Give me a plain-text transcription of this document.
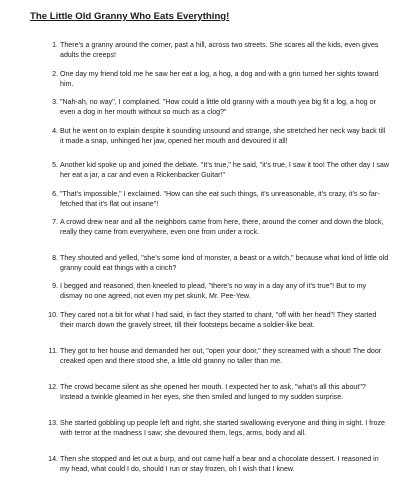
The Little Old Granny Who Eats Everything!
1. There’s a granny around the corner, past a hill, across two streets. She scares all the kids, even gives adults the creeps!
2. One day my friend told me he saw her eat a log, a hog, a dog and with a grin turned her sights toward him.
3. "Nah-ah, no way", I complained. "How could a little old granny with a mouth yea big fit a log, a hog or even a dog in her mouth without so much as a clog?"
4. But he went on to explain despite it sounding unsound and strange, she stretched her neck way back till it made a snap, unhinged her jaw, opened her mouth and devoured it all!
5. Another kid spoke up and joined the debate. "It’s true," he said, "it’s true, I saw it too! The other day I saw her eat a jar, a car and even a Rickenbacker Guitar!"
6. "That’s impossible," I exclaimed. "How can she eat such things, it’s unreasonable, it’s crazy, it’s so far-fetched that it’s flat out insane"!
7. A crowd drew near and all the neighbors came from here, there, around the corner and down the block, really they came from everywhere, even one from under a rock.
8. They shouted and yelled, "she’s some kind of monster, a beast or a witch," because what kind of little old granny could eat things with a cinch?
9. I begged and reasoned, then kneeled to plead, "there’s no way in a day any of it’s true"! But to my dismay no one agreed, not even my pet skunk, Mr. Pee-Yew.
10. They cared not a bit for what I had said, in fact they started to chant, "off with her head"! They started their march down the gravely street, till their footsteps became a soldier-like beat.
11. They got to her house and demanded her out, "open your door," they screamed with a shout! The door creaked open and there stood she, a little old granny no taller than me.
12. The crowd became silent as she opened her mouth. I expected her to ask, "what’s all this about"? Instead a twinkle gleamed in her eyes, she then smiled and lunged to my sudden surprise.
13. She started gobbling up people left and right, she started swallowing everyone and thing in sight. I froze with terror at the madness I saw; she devoured them, legs, arms, body and all.
14. Then she stopped and let out a burp, and out came half a bear and a chocolate dessert. I reasoned in my head, what could I do, should I run or stay frozen, oh I wish that I knew.
